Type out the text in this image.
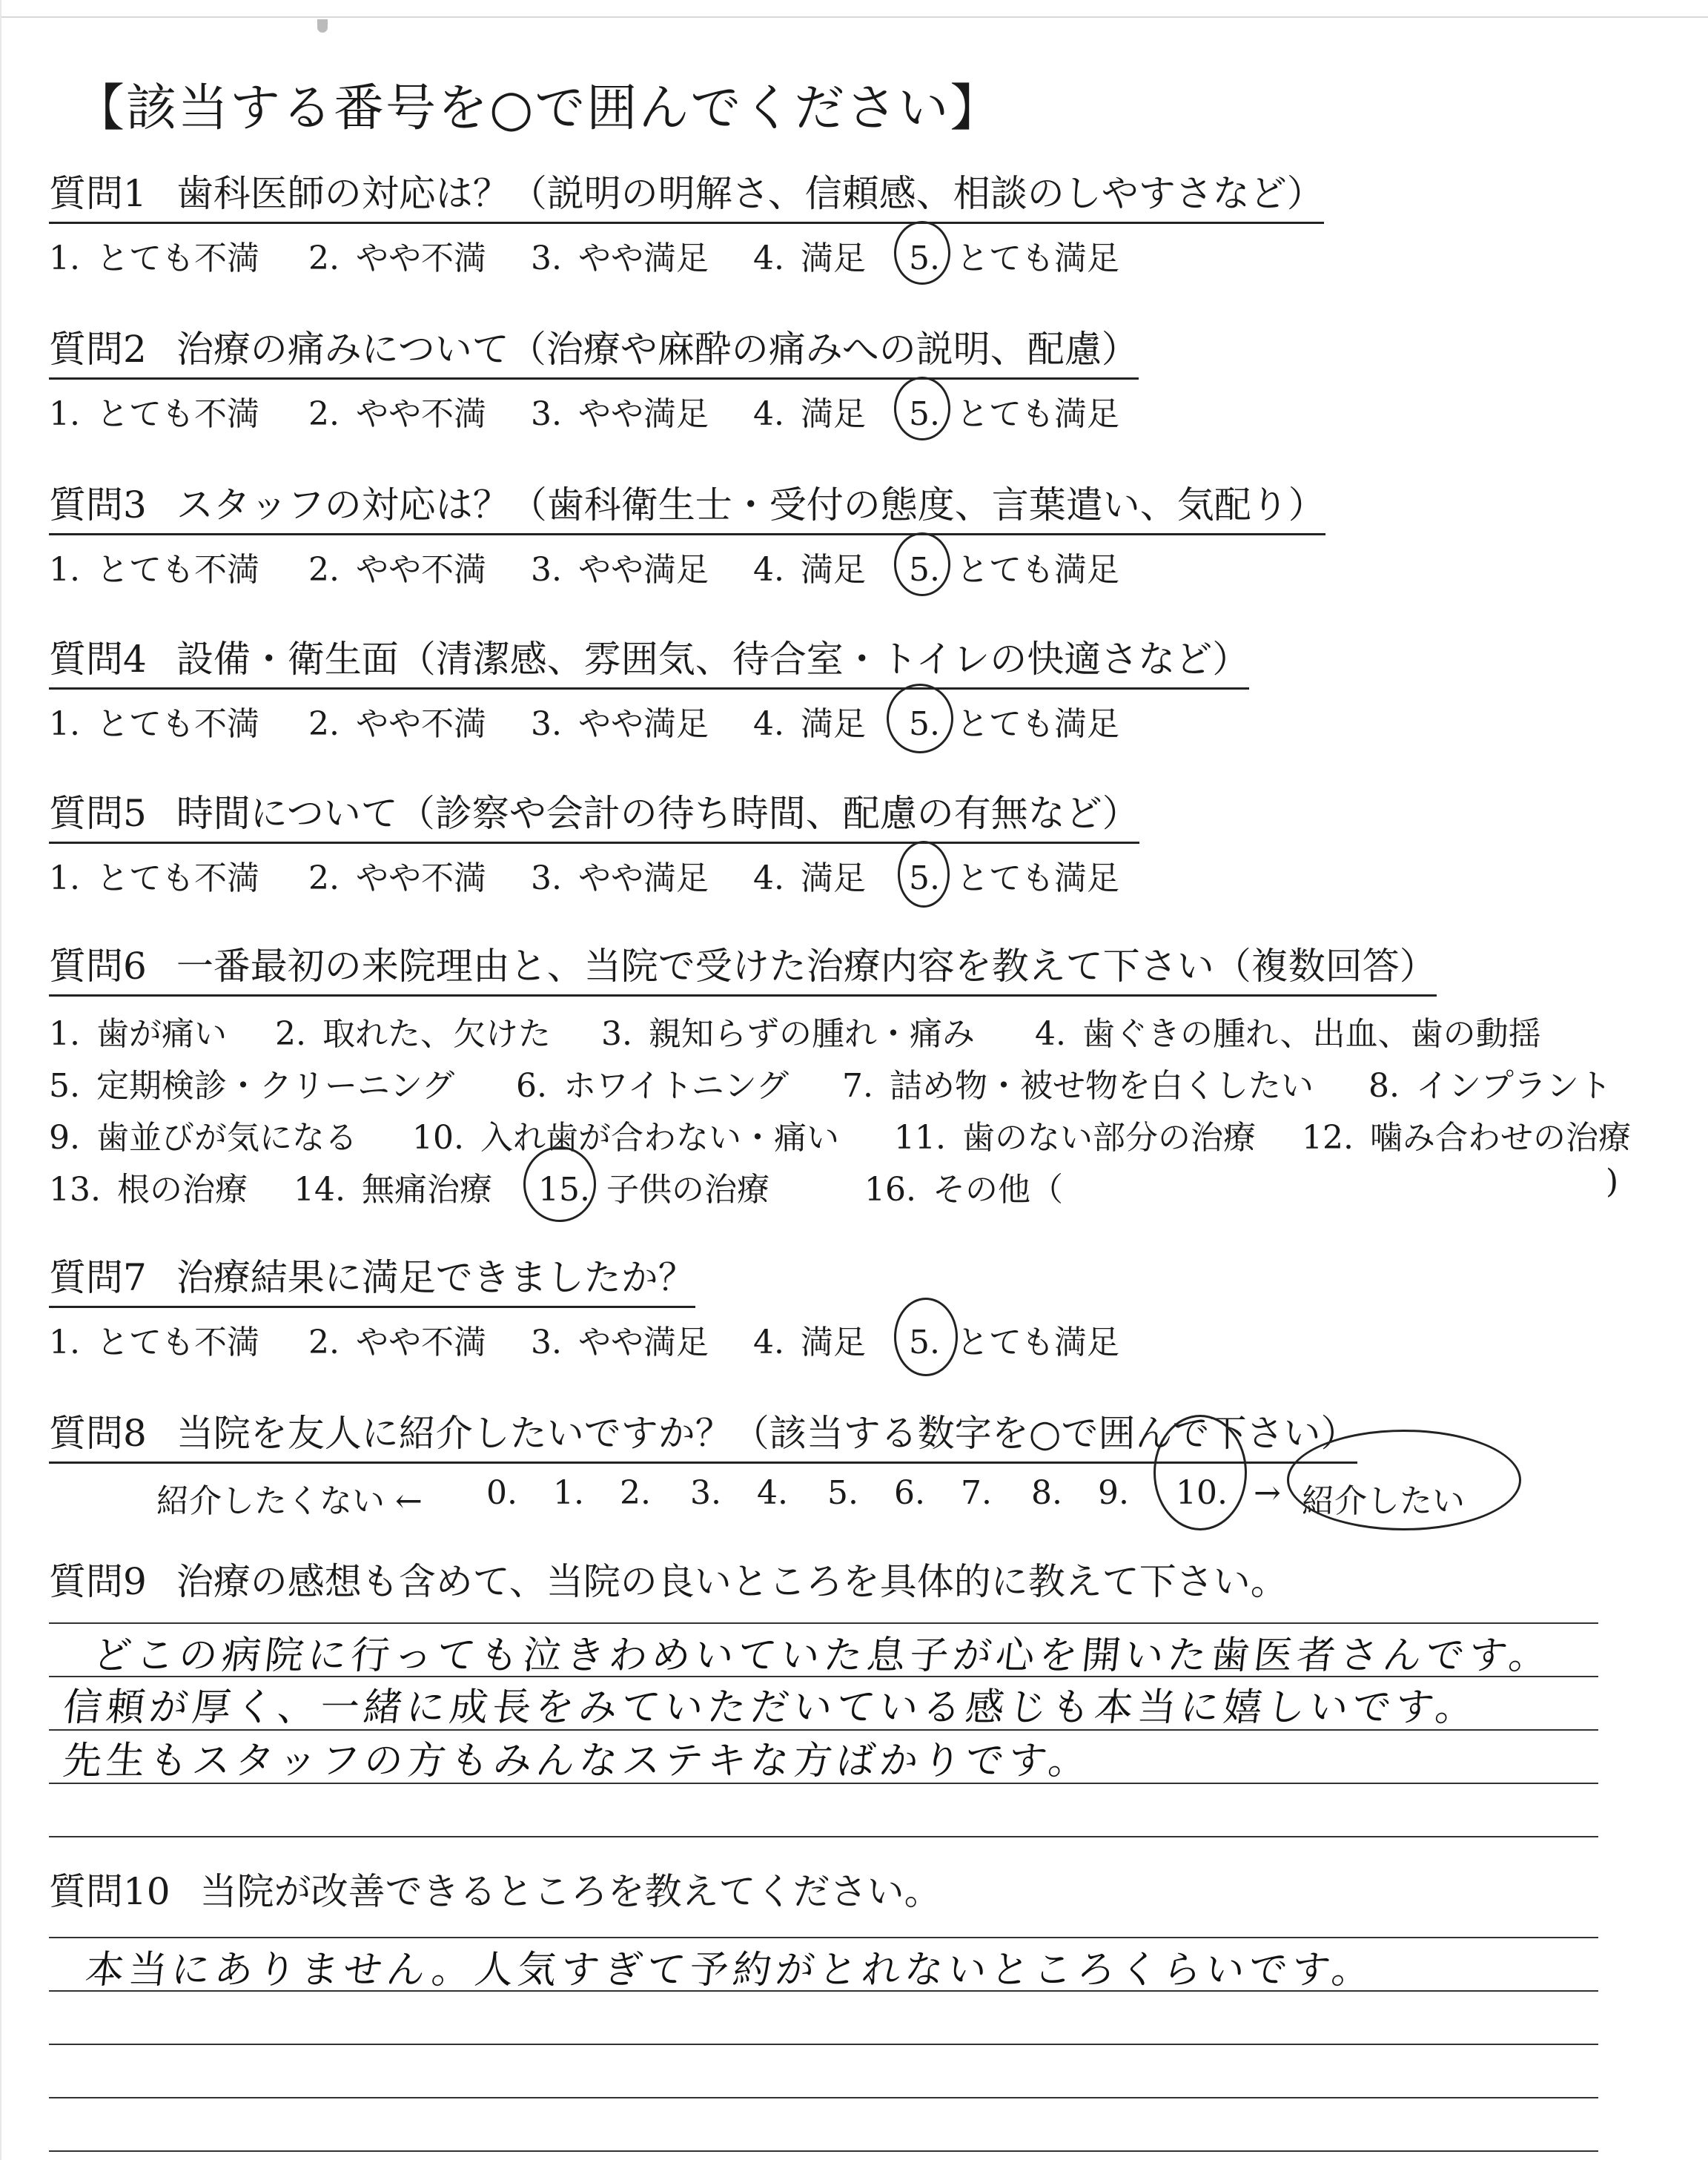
【該当する番号を○で囲んでください】
質問1 歯科医師の対応は？（説明の明解さ、信頼感、相談のしやすさなど）
1. とても不満 2. やや不満 3. やや満足 4. 満足 5. とても満足
質問2 治療の痛みについて（治療や麻酔の痛みへの説明、配慮）
1. とても不満 2. やや不満 3. やや満足 4. 満足 5. とても満足
質問3 スタッフの対応は？（歯科衛生士・受付の態度、言葉遣い、気配り）
1. とても不満 2. やや不満 3. やや満足 4. 満足 5. とても満足
質問4 設備・衛生面（清潔感、雰囲気、待合室・トイレの快適さなど）
1. とても不満 2. やや不満 3. やや満足 4. 満足 5. とても満足
質問5 時間について（診察や会計の待ち時間、配慮の有無など）
1. とても不満 2. やや不満 3. やや満足 4. 満足 5. とても満足
質問6 一番最初の来院理由と、当院で受けた治療内容を教えて下さい（複数回答）
1. 歯が痛い 2. 取れた、欠けた 3. 親知らずの腫れ・痛み 4. 歯ぐきの腫れ、出血、歯の動揺
5. 定期検診・クリーニング 6. ホワイトニング 7. 詰め物・被せ物を白くしたい 8. インプラント
9. 歯並びが気になる 10. 入れ歯が合わない・痛い 11. 歯のない部分の治療 12. 噛み合わせの治療
13. 根の治療 14. 無痛治療 15. 子供の治療	16. その他（	)
質問7 治療結果に満足できましたか？
1. とても不満 2. やや不満 3. やや満足 4. 満足 5. とても満足
質問8 当院を友人に紹介したいですか？（該当する数字を○で囲んで下さい）
紹介したくない ← 0. 1. 2. 3. 4. 5. 6. 7. 8. 9. 10. → 紹介したい
質問9 治療の感想も含めて、当院の良いところを具体的に教えて下さい。
どこの病院に行っても泣きわめいていた息子が心を開いた歯医者さんです。
信頼が厚く、一緒に成長をみていただいている感じも本当に嬉しいです。
先生もスタッフの方もみんなステキな方ばかりです。
質問10 当院が改善できるところを教えてください。
本当にありません。人気すぎて予約がとれないところくらいです。
